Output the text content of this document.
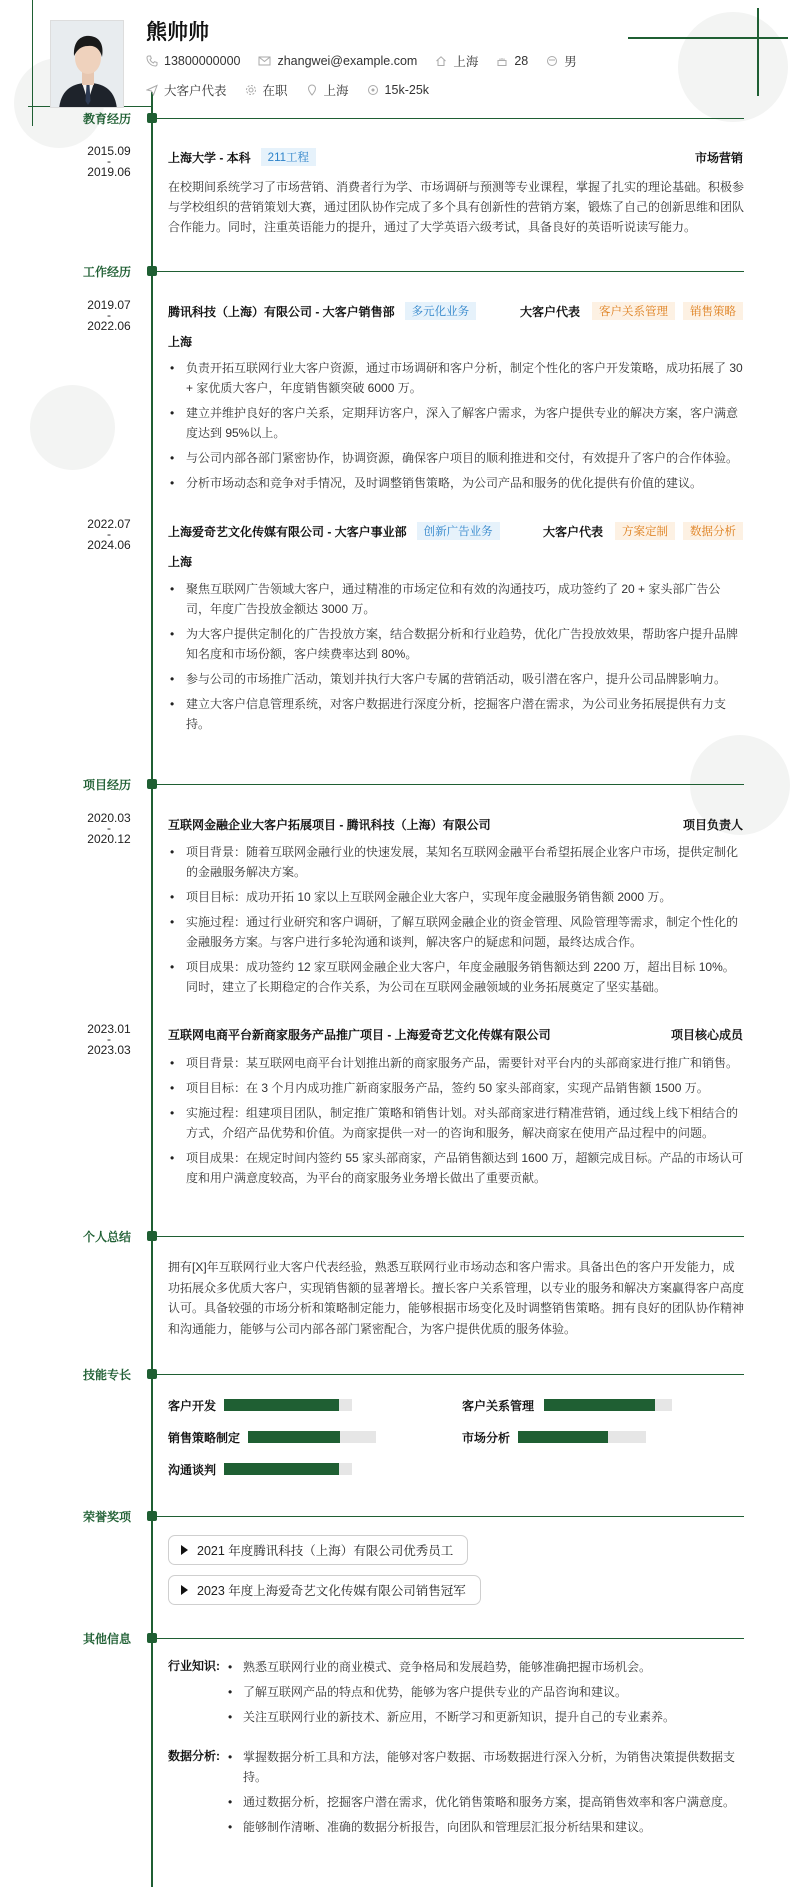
熊帅帅
13800000000	zhangwei@example.com	上海	28	男
大客户代表	在职	上海	15k-25k
教育经历
2015.09
-
2019.06
上海大学 - 本科	211工程	市场营销
在校期间系统学习了市场营销、消费者行为学、市场调研与预测等专业课程，掌握了扎实的理论基础。积极参与学校组织的营销策划大赛，通过团队协作完成了多个具有创新性的营销方案，锻炼了自己的创新思维和团队合作能力。同时，注重英语能力的提升，通过了大学英语六级考试，具备良好的英语听说读写能力。
工作经历
2019.07
-
2022.06
腾讯科技（上海）有限公司 - 大客户销售部	多元化业务	大客户代表	客户关系管理	销售策略
上海
• 负责开拓互联网行业大客户资源，通过市场调研和客户分析，制定个性化的客户开发策略，成功拓展了 30 + 家优质大客户，年度销售额突破 6000 万。
• 建立并维护良好的客户关系，定期拜访客户，深入了解客户需求，为客户提供专业的解决方案，客户满意度达到 95%以上。
• 与公司内部各部门紧密协作，协调资源，确保客户项目的顺利推进和交付，有效提升了客户的合作体验。
• 分析市场动态和竞争对手情况，及时调整销售策略，为公司产品和服务的优化提供有价值的建议。
2022.07
-
2024.06
上海爱奇艺文化传媒有限公司 - 大客户事业部	创新广告业务	大客户代表	方案定制	数据分析
上海
• 聚焦互联网广告领域大客户，通过精准的市场定位和有效的沟通技巧，成功签约了 20 + 家头部广告公司，年度广告投放金额达 3000 万。
• 为大客户提供定制化的广告投放方案，结合数据分析和行业趋势，优化广告投放效果，帮助客户提升品牌知名度和市场份额，客户续费率达到 80%。
• 参与公司的市场推广活动，策划并执行大客户专属的营销活动，吸引潜在客户，提升公司品牌影响力。
• 建立大客户信息管理系统，对客户数据进行深度分析，挖掘客户潜在需求，为公司业务拓展提供有力支持。
项目经历
2020.03
-
2020.12
互联网金融企业大客户拓展项目 - 腾讯科技（上海）有限公司	项目负责人
• 项目背景：随着互联网金融行业的快速发展，某知名互联网金融平台希望拓展企业客户市场，提供定制化的金融服务解决方案。
• 项目目标：成功开拓 10 家以上互联网金融企业大客户，实现年度金融服务销售额 2000 万。
• 实施过程：通过行业研究和客户调研，了解互联网金融企业的资金管理、风险管理等需求，制定个性化的金融服务方案。与客户进行多轮沟通和谈判，解决客户的疑虑和问题，最终达成合作。
• 项目成果：成功签约 12 家互联网金融企业大客户，年度金融服务销售额达到 2200 万，超出目标 10%。同时，建立了长期稳定的合作关系，为公司在互联网金融领域的业务拓展奠定了坚实基础。
2023.01
-
2023.03
互联网电商平台新商家服务产品推广项目 - 上海爱奇艺文化传媒有限公司	项目核心成员
• 项目背景：某互联网电商平台计划推出新的商家服务产品，需要针对平台内的头部商家进行推广和销售。
• 项目目标：在 3 个月内成功推广新商家服务产品，签约 50 家头部商家，实现产品销售额 1500 万。
• 实施过程：组建项目团队，制定推广策略和销售计划。对头部商家进行精准营销，通过线上线下相结合的方式，介绍产品优势和价值。为商家提供一对一的咨询和服务，解决商家在使用产品过程中的问题。
• 项目成果：在规定时间内签约 55 家头部商家，产品销售额达到 1600 万，超额完成目标。产品的市场认可度和用户满意度较高，为平台的商家服务业务增长做出了重要贡献。
个人总结
拥有[X]年互联网行业大客户代表经验，熟悉互联网行业市场动态和客户需求。具备出色的客户开发能力，成功拓展众多优质大客户，实现销售额的显著增长。擅长客户关系管理，以专业的服务和解决方案赢得客户高度认可。具备较强的市场分析和策略制定能力，能够根据市场变化及时调整销售策略。拥有良好的团队协作精神和沟通能力，能够与公司内部各部门紧密配合，为客户提供优质的服务体验。
技能专长
客户开发	客户关系管理
销售策略制定	市场分析
沟通谈判
荣誉奖项
2021 年度腾讯科技（上海）有限公司优秀员工
2023 年度上海爱奇艺文化传媒有限公司销售冠军
其他信息
行业知识:	• 熟悉互联网行业的商业模式、竞争格局和发展趋势，能够准确把握市场机会。
• 了解互联网产品的特点和优势，能够为客户提供专业的产品咨询和建议。
• 关注互联网行业的新技术、新应用，不断学习和更新知识，提升自己的专业素养。
数据分析:	• 掌握数据分析工具和方法，能够对客户数据、市场数据进行深入分析，为销售决策提供数据支持。
• 通过数据分析，挖掘客户潜在需求，优化销售策略和服务方案，提高销售效率和客户满意度。
• 能够制作清晰、准确的数据分析报告，向团队和管理层汇报分析结果和建议。
